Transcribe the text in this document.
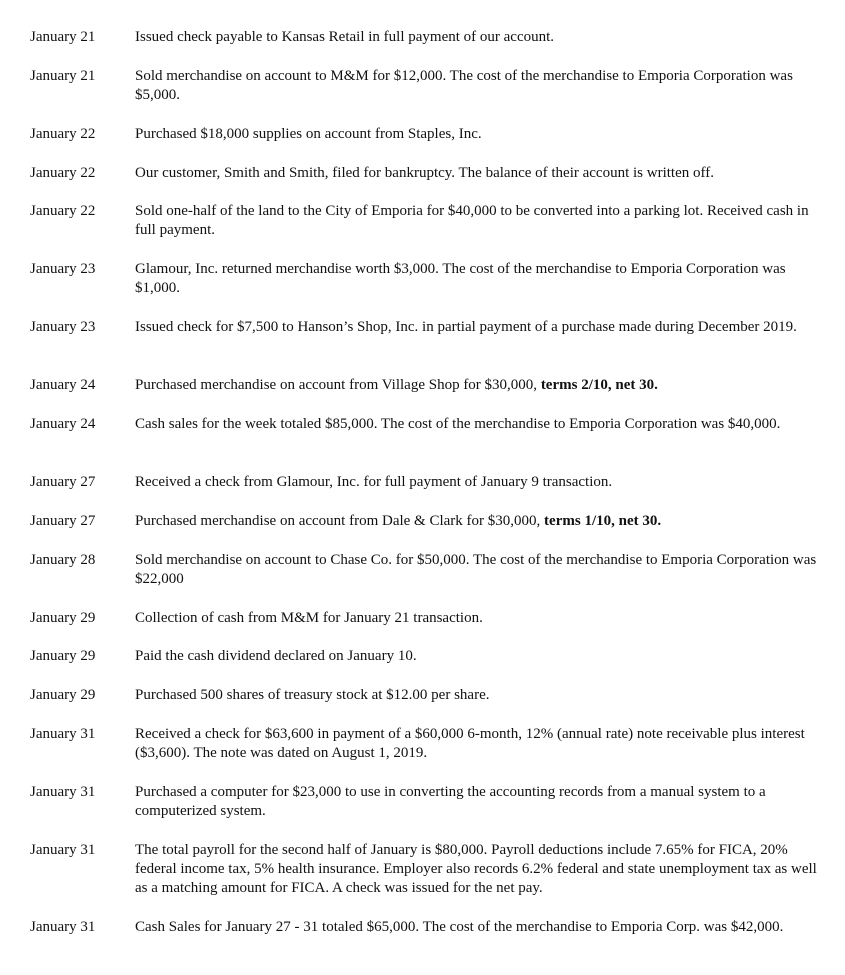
January 21	Issued check payable to Kansas Retail in full payment of our account.
January 21	Sold merchandise on account to M&M for $12,000. The cost of the merchandise to Emporia Corporation was $5,000.
January 22	Purchased $18,000 supplies on account from Staples, Inc.
January 22	Our customer, Smith and Smith, filed for bankruptcy. The balance of their account is written off.
January 22	Sold one-half of the land to the City of Emporia for $40,000 to be converted into a parking lot. Received cash in full payment.
January 23	Glamour, Inc. returned merchandise worth $3,000. The cost of the merchandise to Emporia Corporation was $1,000.
January 23	Issued check for $7,500 to Hanson’s Shop, Inc. in partial payment of a purchase made during December 2019.
January 24	Purchased merchandise on account from Village Shop for $30,000, terms 2/10, net 30.
January 24	Cash sales for the week totaled $85,000. The cost of the merchandise to Emporia Corporation was $40,000.
January 27	Received a check from Glamour, Inc. for full payment of January 9 transaction.
January 27	Purchased merchandise on account from Dale & Clark for $30,000, terms 1/10, net 30.
January 28	Sold merchandise on account to Chase Co. for $50,000. The cost of the merchandise to Emporia Corporation was $22,000
January 29	Collection of cash from M&M for January 21 transaction.
January 29	Paid the cash dividend declared on January 10.
January 29	Purchased 500 shares of treasury stock at $12.00 per share.
January 31	Received a check for $63,600 in payment of a $60,000 6-month, 12% (annual rate) note receivable plus interest ($3,600). The note was dated on August 1, 2019.
January 31	Purchased a computer for $23,000 to use in converting the accounting records from a manual system to a computerized system.
January 31	The total payroll for the second half of January is $80,000. Payroll deductions include 7.65% for FICA, 20% federal income tax, 5% health insurance. Employer also records 6.2% federal and state unemployment tax as well as a matching amount for FICA. A check was issued for the net pay.
January 31	Cash Sales for January 27 - 31 totaled $65,000. The cost of the merchandise to Emporia Corp. was $42,000.
